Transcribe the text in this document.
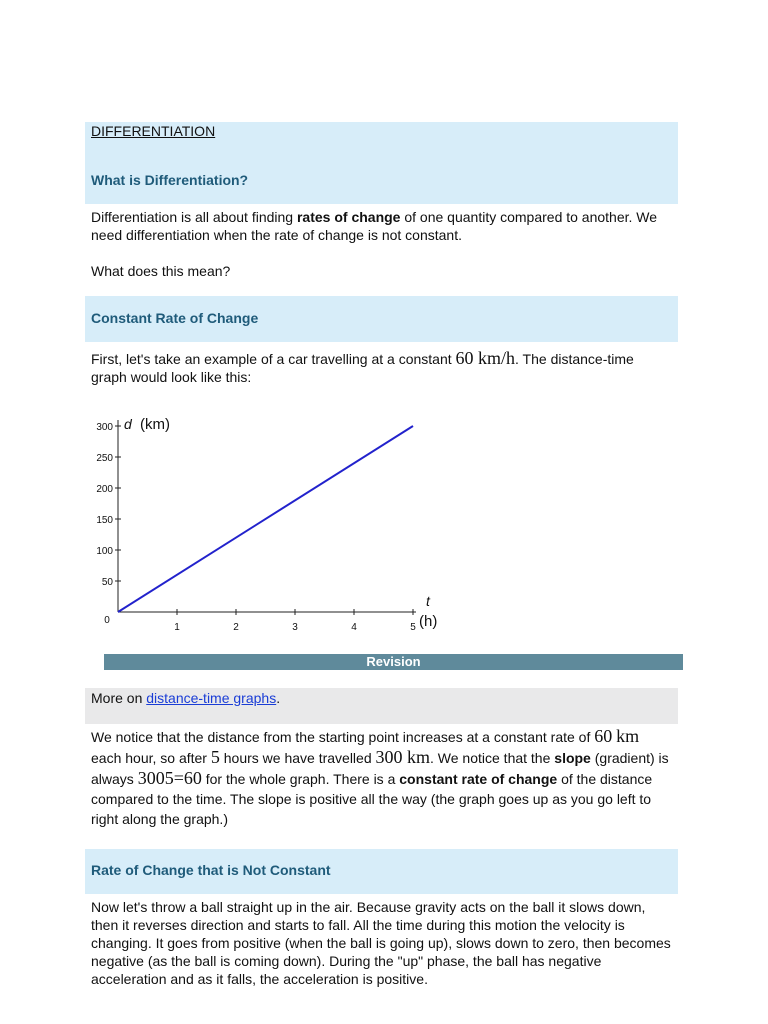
DIFFERENTIATION
What is Differentiation?
Differentiation is all about finding rates of change of one quantity compared to another. We need differentiation when the rate of change is not constant.
What does this mean?
Constant Rate of Change
First, let's take an example of a car travelling at a constant 60 km/h. The distance-time graph would look like this:
50
100
150
200
250
300
0
1	2	3	4	5
d (km)
t
(h)
Revision
More on distance-time graphs.
We notice that the distance from the starting point increases at a constant rate of 60 km each hour, so after 5 hours we have travelled 300 km. We notice that the slope (gradient) is always 3005=60 for the whole graph. There is a constant rate of change of the distance compared to the time. The slope is positive all the way (the graph goes up as you go left to right along the graph.)
Rate of Change that is Not Constant
Now let's throw a ball straight up in the air. Because gravity acts on the ball it slows down, then it reverses direction and starts to fall. All the time during this motion the velocity is changing. It goes from positive (when the ball is going up), slows down to zero, then becomes negative (as the ball is coming down). During the "up" phase, the ball has negative acceleration and as it falls, the acceleration is positive.
